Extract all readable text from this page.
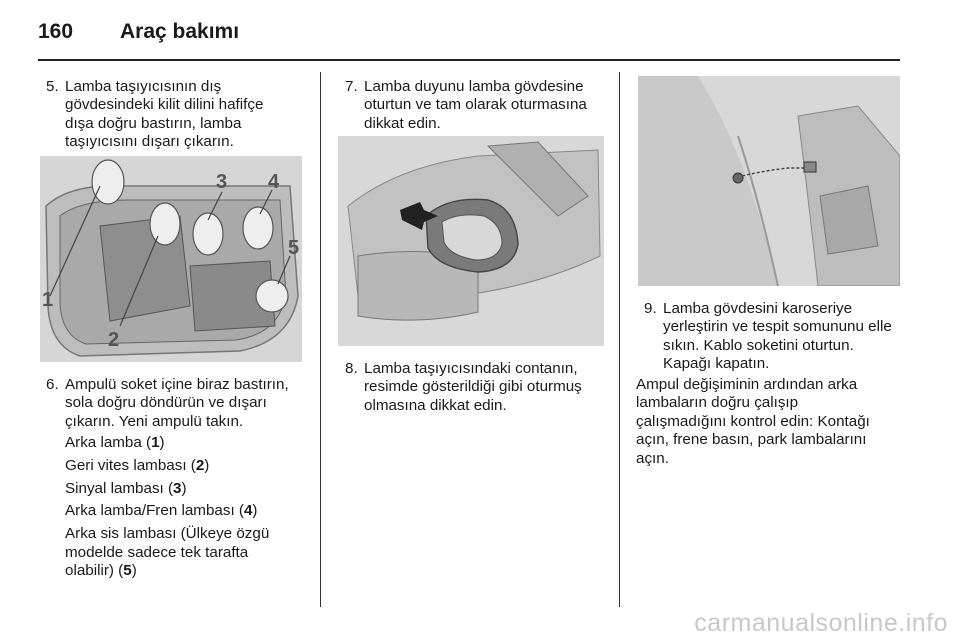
160 Araç bakımı
5. Lamba taşıyıcısının dış
gövdesindeki kilit dilini hafifçe
dışa doğru bastırın, lamba
taşıyıcısını dışarı çıkarın.
1
2
3 4
5
6. Ampulü soket içine biraz bastırın,
sola doğru döndürün ve dışarı
çıkarın. Yeni ampulü takın.
Arka lamba (1)
Geri vites lambası (2)
Sinyal lambası (3)
Arka lamba/Fren lambası (4)
Arka sis lambası (Ülkeye özgü
modelde sadece tek tarafta
olabilir) (5)
7. Lamba duyunu lamba gövdesine
oturtun ve tam olarak oturmasına
dikkat edin.
8. Lamba taşıyıcısındaki contanın,
resimde gösterildiği gibi oturmuş
olmasına dikkat edin.
9. Lamba gövdesini karoseriye
yerleştirin ve tespit somununu elle
sıkın. Kablo soketini oturtun.
Kapağı kapatın.
Ampul değişiminin ardından arka
lambaların doğru çalışıp
çalışmadığını kontrol edin: Kontağı
açın, frene basın, park lambalarını
açın.
carmanualsonline.info
